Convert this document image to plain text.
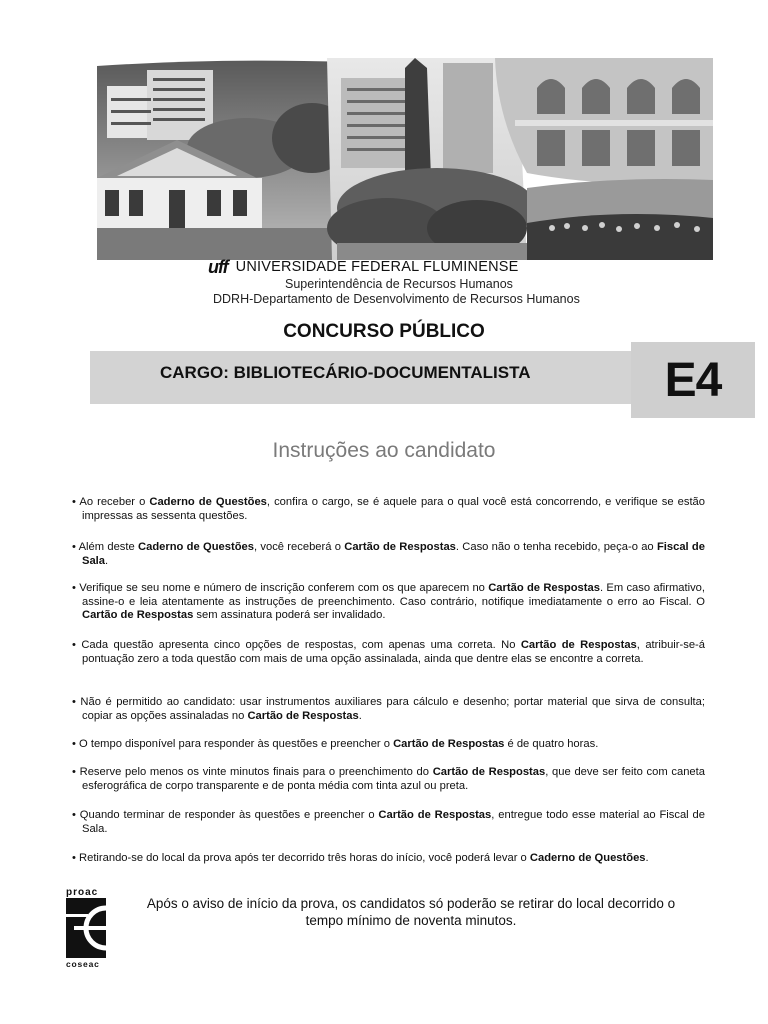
uff UNIVERSIDADE FEDERAL FLUMINENSE
Superintendência de Recursos Humanos
DDRH-Departamento de Desenvolvimento de Recursos Humanos
CONCURSO PÚBLICO
CARGO: BIBLIOTECÁRIO-DOCUMENTALISTA	E4
Instruções ao candidato
• Ao receber o Caderno de Questões, confira o cargo, se é aquele para o qual você está concorrendo, e verifique se estão impressas as sessenta questões.
• Além deste Caderno de Questões, você receberá o Cartão de Respostas. Caso não o tenha recebido, peça-o ao Fiscal de Sala.
• Verifique se seu nome e número de inscrição conferem com os que aparecem no Cartão de Respostas. Em caso afirmativo, assine-o e leia atentamente as instruções de preenchimento. Caso contrário, notifique imediatamente o erro ao Fiscal. O Cartão de Respostas sem assinatura poderá ser invalidado.
• Cada questão apresenta cinco opções de respostas, com apenas uma correta. No Cartão de Respostas, atribuir-se-á pontuação zero a toda questão com mais de uma opção assinalada, ainda que dentre elas se encontre a correta.
• Não é permitido ao candidato: usar instrumentos auxiliares para cálculo e desenho; portar material que sirva de consulta; copiar as opções assinaladas no Cartão de Respostas.
• O tempo disponível para responder às questões e preencher o Cartão de Respostas é de quatro horas.
• Reserve pelo menos os vinte minutos finais para o preenchimento do Cartão de Respostas, que deve ser feito com caneta esferográfica de corpo transparente e de ponta média com tinta azul ou preta.
• Quando terminar de responder às questões e preencher o Cartão de Respostas, entregue todo esse material ao Fiscal de Sala.
• Retirando-se do local da prova após ter decorrido três horas do início, você poderá levar o Caderno de Questões.
proac
coseac
Após o aviso de início da prova, os candidatos só poderão se retirar do local decorrido o tempo mínimo de noventa minutos.
